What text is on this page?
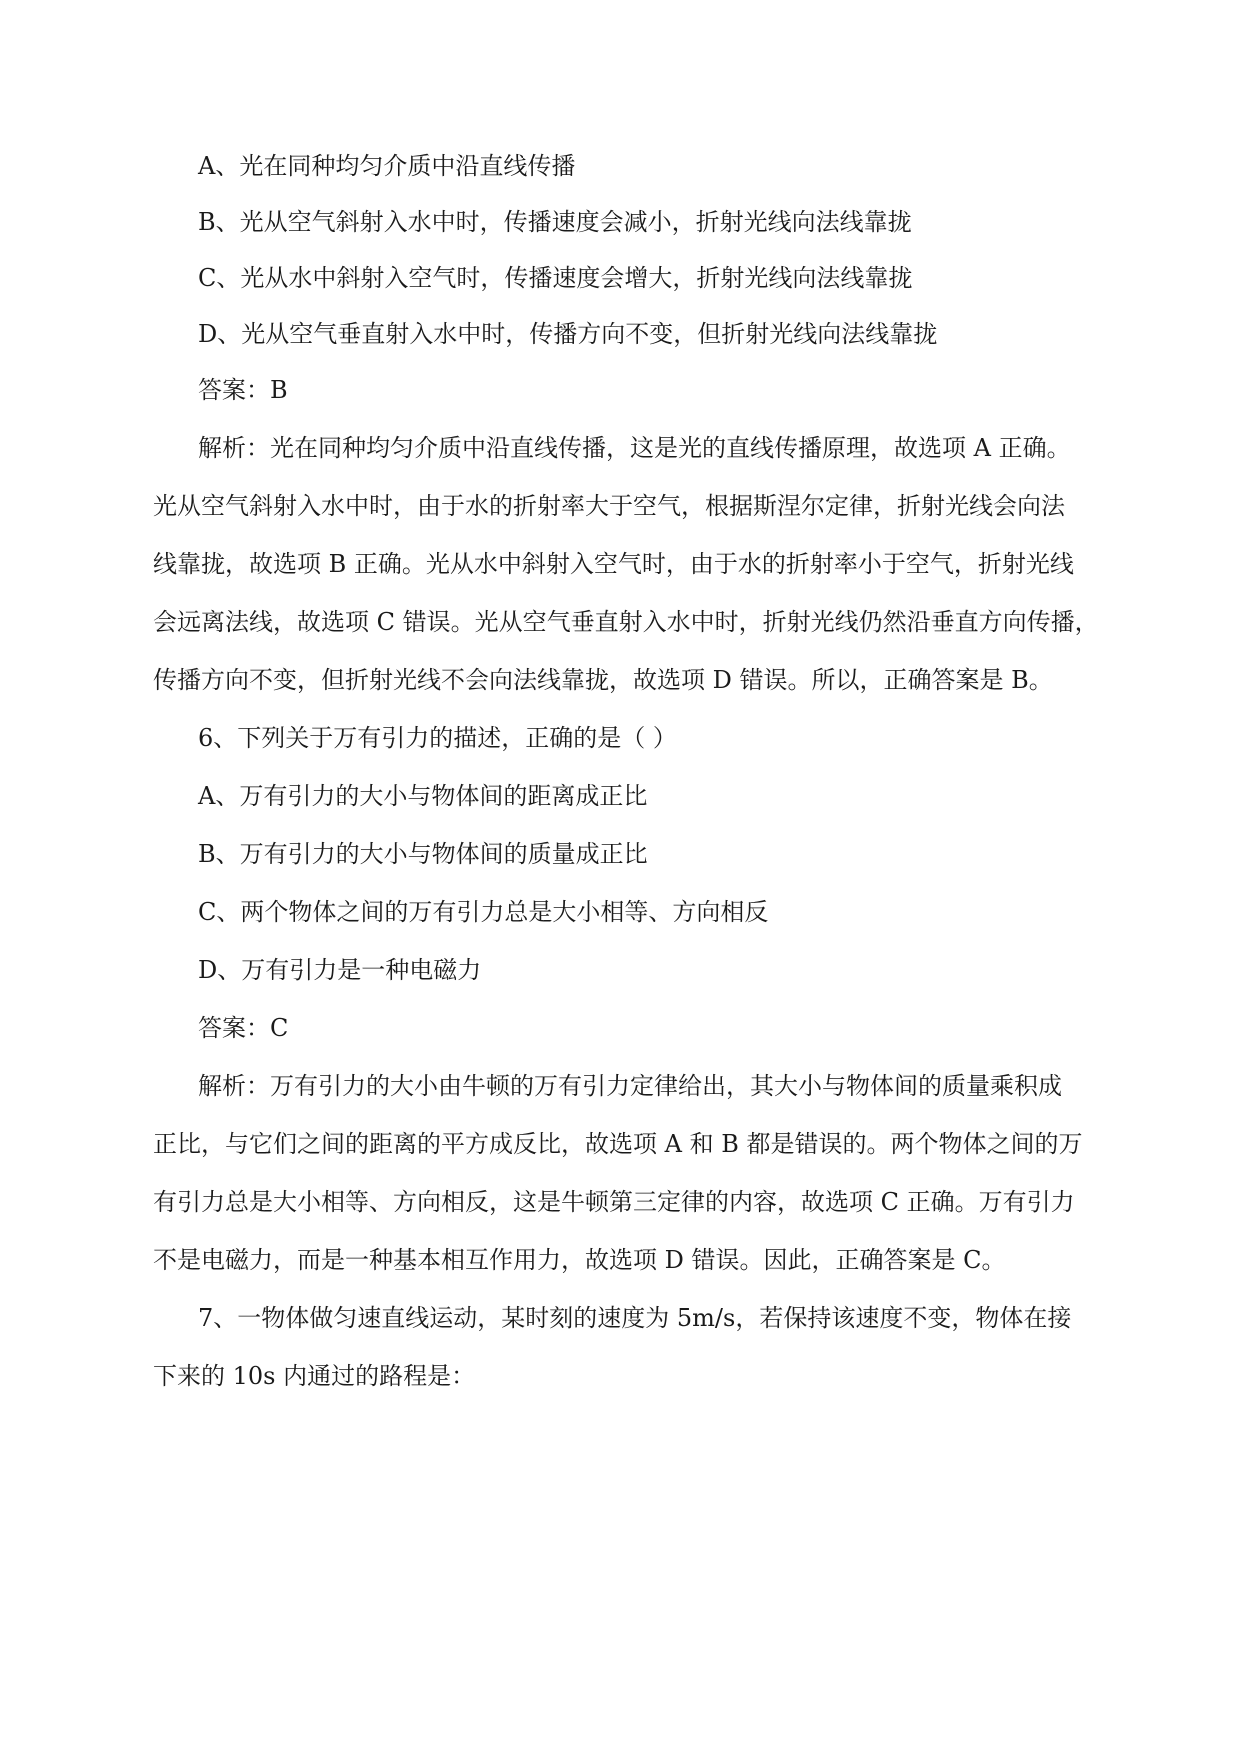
A、光在同种均匀介质中沿直线传播
B、光从空气斜射入水中时，传播速度会减小，折射光线向法线靠拢
C、光从水中斜射入空气时，传播速度会增大，折射光线向法线靠拢
D、光从空气垂直射入水中时，传播方向不变，但折射光线向法线靠拢
答案：B
解析：光在同种均匀介质中沿直线传播，这是光的直线传播原理，故选项 A 正确。
光从空气斜射入水中时，由于水的折射率大于空气，根据斯涅尔定律，折射光线会向法
线靠拢，故选项 B 正确。光从水中斜射入空气时，由于水的折射率小于空气，折射光线
会远离法线，故选项 C 错误。光从空气垂直射入水中时，折射光线仍然沿垂直方向传播，
传播方向不变，但折射光线不会向法线靠拢，故选项 D 错误。所以，正确答案是 B。
6、下列关于万有引力的描述，正确的是（ ）
A、万有引力的大小与物体间的距离成正比
B、万有引力的大小与物体间的质量成正比
C、两个物体之间的万有引力总是大小相等、方向相反
D、万有引力是一种电磁力
答案：C
解析：万有引力的大小由牛顿的万有引力定律给出，其大小与物体间的质量乘积成
正比，与它们之间的距离的平方成反比，故选项 A 和 B 都是错误的。两个物体之间的万
有引力总是大小相等、方向相反，这是牛顿第三定律的内容，故选项 C 正确。万有引力
不是电磁力，而是一种基本相互作用力，故选项 D 错误。因此，正确答案是 C。
7、一物体做匀速直线运动，某时刻的速度为 5m/s，若保持该速度不变，物体在接
下来的 10s 内通过的路程是：
